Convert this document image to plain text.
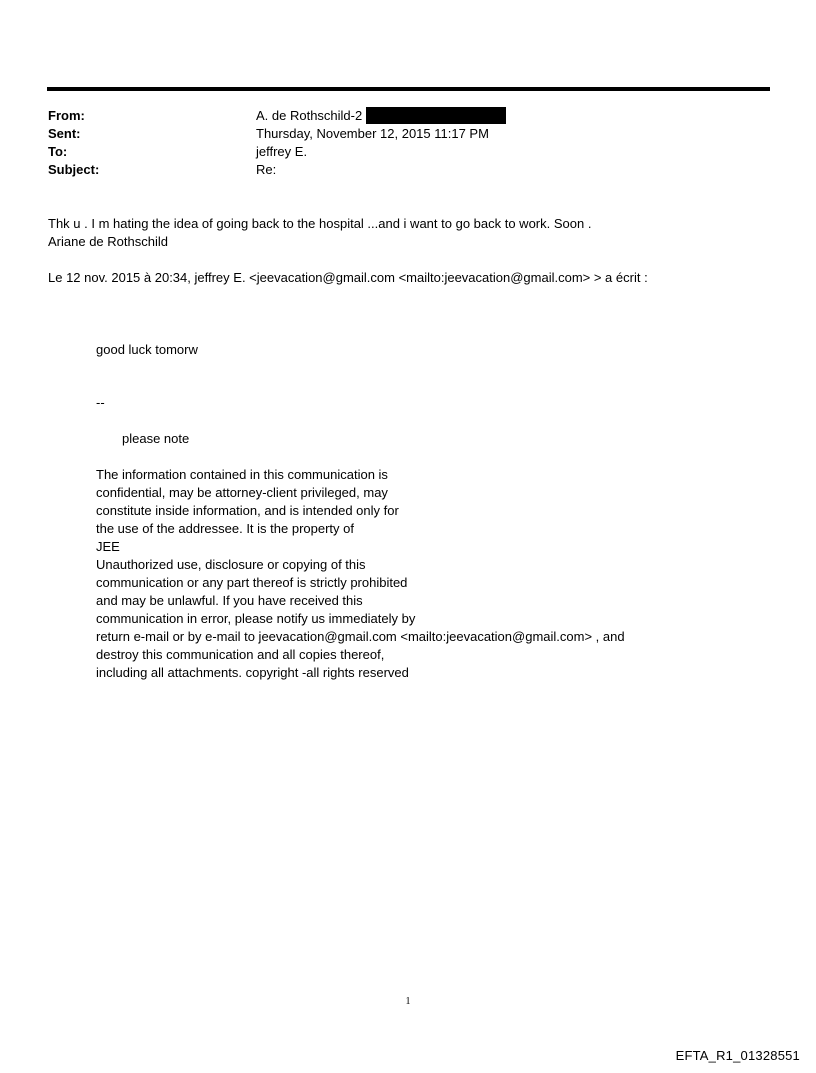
From:	A. de Rothschild-2
Sent:	Thursday, November 12, 2015 11:17 PM
To:	jeffrey E.
Subject:	Re:
Thk u . I m hating the idea of going back to the hospital ...and i want to go back to work. Soon .
Ariane de Rothschild
Le 12 nov. 2015 à 20:34, jeffrey E. <jeevacation@gmail.com <mailto:jeevacation@gmail.com> > a écrit :
good luck tomorw
--
please note
The information contained in this communication is
confidential, may be attorney-client privileged, may
constitute inside information, and is intended only for
the use of the addressee. It is the property of
JEE
Unauthorized use, disclosure or copying of this
communication or any part thereof is strictly prohibited
and may be unlawful. If you have received this
communication in error, please notify us immediately by
return e-mail or by e-mail to jeevacation@gmail.com <mailto:jeevacation@gmail.com> , and
destroy this communication and all copies thereof,
including all attachments. copyright -all rights reserved
1
EFTA_R1_01328551
